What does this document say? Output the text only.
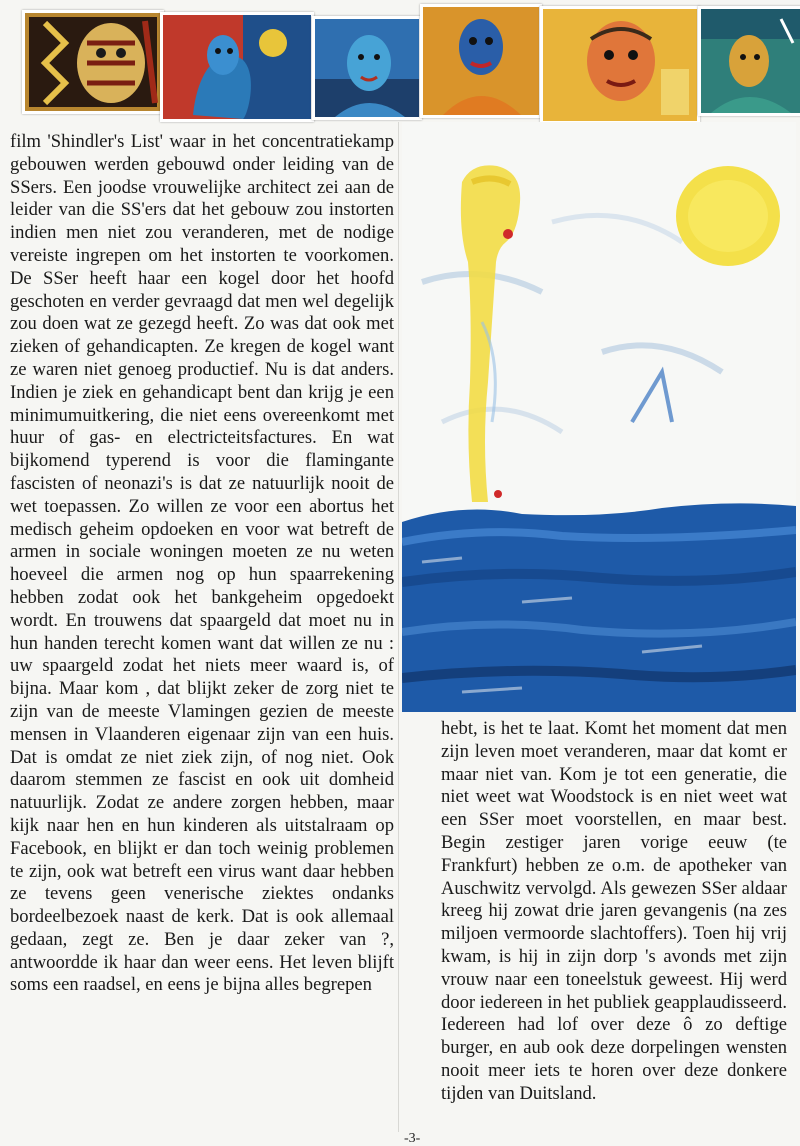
film 'Shindler's List' waar in het concentratiekamp gebouwen werden gebouwd onder leiding van de SSers. Een joodse vrouwelijke architect zei aan de leider van die SS'ers dat het gebouw zou instorten indien men niet zou veranderen, met de nodige vereiste ingrepen om het instorten te voorkomen. De SSer heeft haar een kogel door het hoofd geschoten en verder gevraagd dat men wel degelijk zou doen wat ze gezegd heeft. Zo was dat ook met zieken of gehandicapten. Ze kregen de kogel want ze waren niet genoeg productief. Nu is dat anders. Indien je ziek en gehandicapt bent dan krijg je een minimumuitkering, die niet eens overeenkomt met huur of gas- en electricteitsfactures. En wat bijkomend typerend is voor die flamingante fascisten of neonazi's is dat ze natuurlijk nooit de wet toepassen. Zo willen ze voor een abortus het medisch geheim opdoeken en voor wat betreft de armen in sociale woningen moeten ze nu weten hoeveel die armen nog op hun spaarrekening hebben zodat ook het bankgeheim opgedoekt wordt. En trouwens dat spaargeld dat moet nu in hun handen terecht komen want dat willen ze nu : uw spaargeld zodat het niets meer waard is, of bijna. Maar kom , dat blijkt zeker de zorg niet te zijn van de meeste Vlamingen gezien de meeste mensen in Vlaanderen eigenaar zijn van een huis. Dat is omdat ze niet ziek zijn, of nog niet. Ook daarom stemmen ze fascist en ook uit domheid natuurlijk. Zodat ze andere zorgen hebben, maar kijk naar hen en hun kinderen als uitstalraam op Facebook, en blijkt er dan toch weinig problemen te zijn, ook wat betreft een virus want daar hebben ze tevens geen venerische ziektes ondanks bordeelbezoek naast de kerk. Dat is ook allemaal gedaan, zegt ze. Ben je daar zeker van ?, antwoordde ik haar dan weer eens. Het leven blijft soms een raadsel, en eens je bijna alles begrepen

hebt, is het te laat. Komt het moment dat men zijn leven moet veranderen, maar dat komt er maar niet van. Kom je tot een generatie, die niet weet wat Woodstock is en niet weet wat een SSer moet voorstellen, en maar best. Begin zestiger jaren vorige eeuw (te Frankfurt) hebben ze o.m. de apotheker van Auschwitz vervolgd. Als gewezen SSer aldaar kreeg hij zowat drie jaren gevangenis (na zes miljoen vermoorde slachtoffers). Toen hij vrij kwam, is hij in zijn dorp 's avonds met zijn vrouw naar een toneelstuk geweest. Hij werd door iedereen in het publiek geapplaudisseerd. Iedereen had lof over deze ô zo deftige burger, en aub ook deze dorpelingen wensten nooit meer iets te horen over deze donkere tijden van Duitsland.

-3-
